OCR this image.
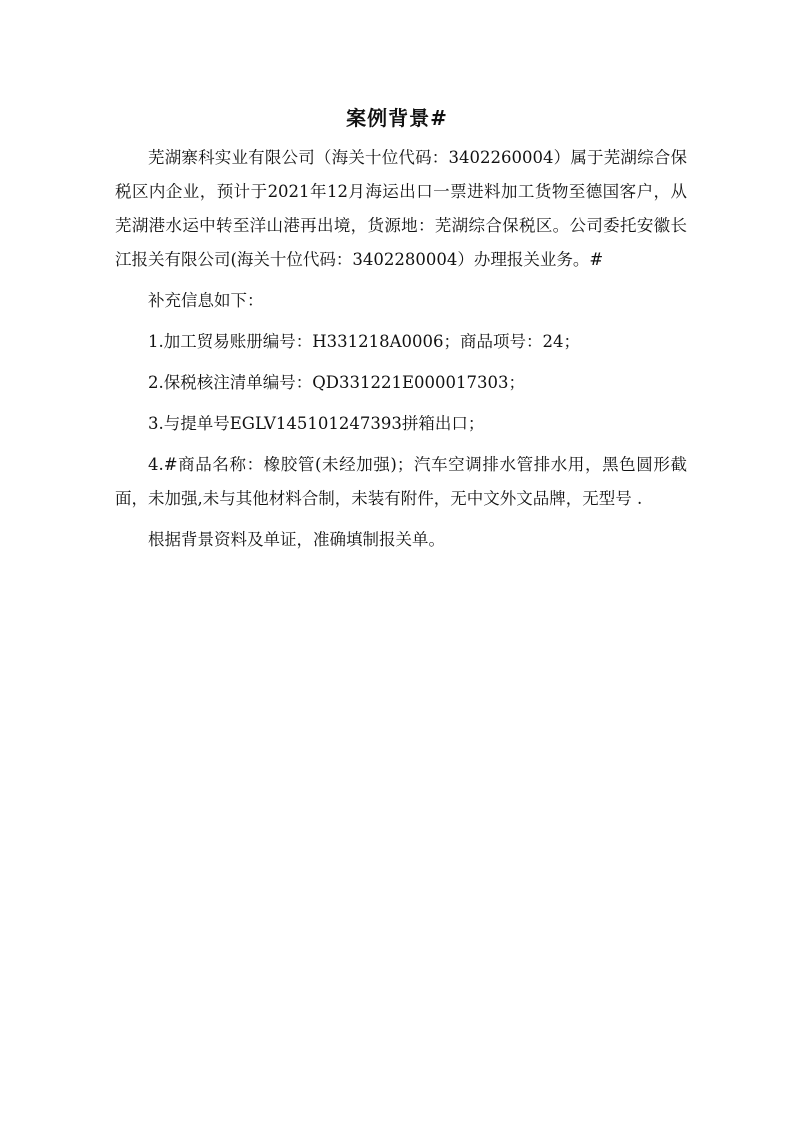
案例背景#

芜湖寨科实业有限公司（海关十位代码：3402260004）属于芜湖综合保税区内企业，预计于2021年12月海运出口一票进料加工货物至德国客户，从芜湖港水运中转至洋山港再出境，货源地：芜湖综合保税区。公司委托安徽长江报关有限公司(海关十位代码：3402280004）办理报关业务。#

补充信息如下：

1.加工贸易账册编号：H331218A0006；商品项号：24；

2.保税核注清单编号：QD331221E000017303；

3.与提单号EGLV145101247393拼箱出口；

4.#商品名称：橡胶管(未经加强)；汽车空调排水管排水用，黑色圆形截面，未加强,未与其他材料合制，未装有附件，无中文外文品牌，无型号 .

根据背景资料及单证，准确填制报关单。
